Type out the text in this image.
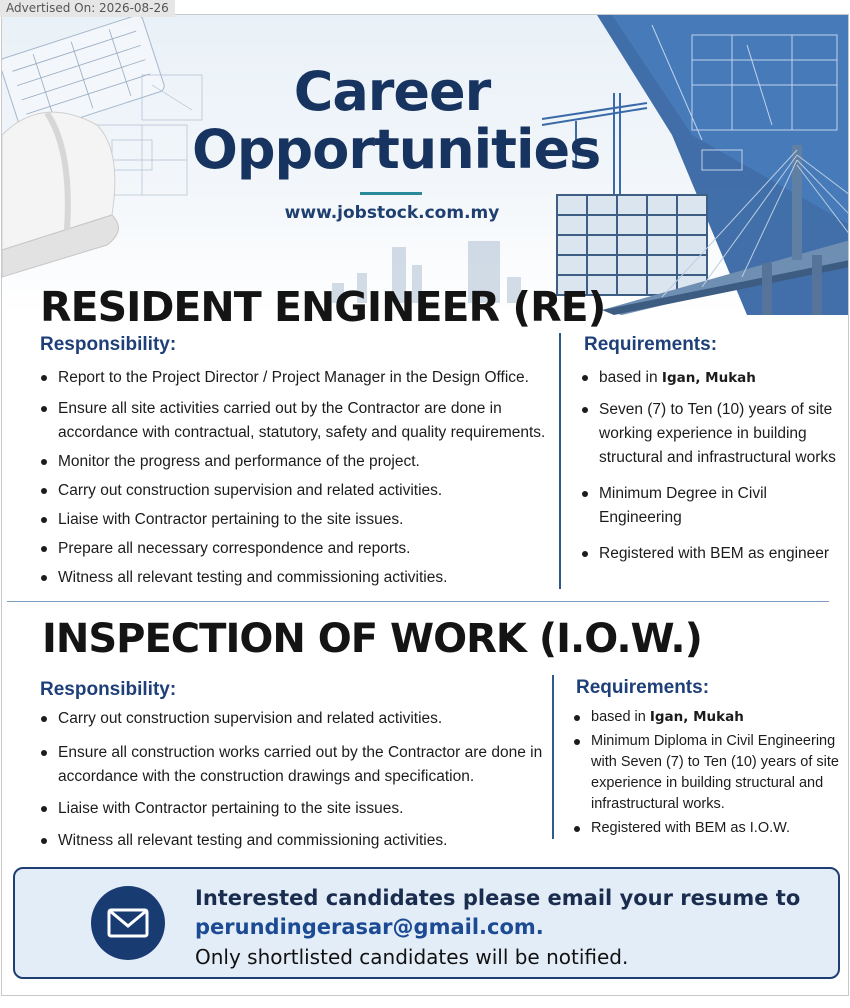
Advertised On: 2026-08-26
Career
Opportunities
www.jobstock.com.my
RESIDENT ENGINEER (RE)
Responsibility:
Report to the Project Director / Project Manager in the Design Office.
Ensure all site activities carried out by the Contractor are done in accordance with contractual, statutory, safety and quality requirements.
Monitor the progress and performance of the project.
Carry out construction supervision and related activities.
Liaise with Contractor pertaining to the site issues.
Prepare all necessary correspondence and reports.
Witness all relevant testing and commissioning activities.
Requirements:
based in Igan, Mukah
Seven (7) to Ten (10) years of site working experience in building structural and infrastructural works
Minimum Degree in Civil Engineering
Registered with BEM as engineer
INSPECTION OF WORK (I.O.W.)
Responsibility:
Carry out construction supervision and related activities.
Ensure all construction works carried out by the Contractor are done in accordance with the construction drawings and specification.
Liaise with Contractor pertaining to the site issues.
Witness all relevant testing and commissioning activities.
Requirements:
based in Igan, Mukah
Minimum Diploma in Civil Engineering with Seven (7) to Ten (10) years of site experience in building structural and infrastructural works.
Registered with BEM as I.O.W.
Interested candidates please email your resume to
perundingerasar@gmail.com.
Only shortlisted candidates will be notified.
